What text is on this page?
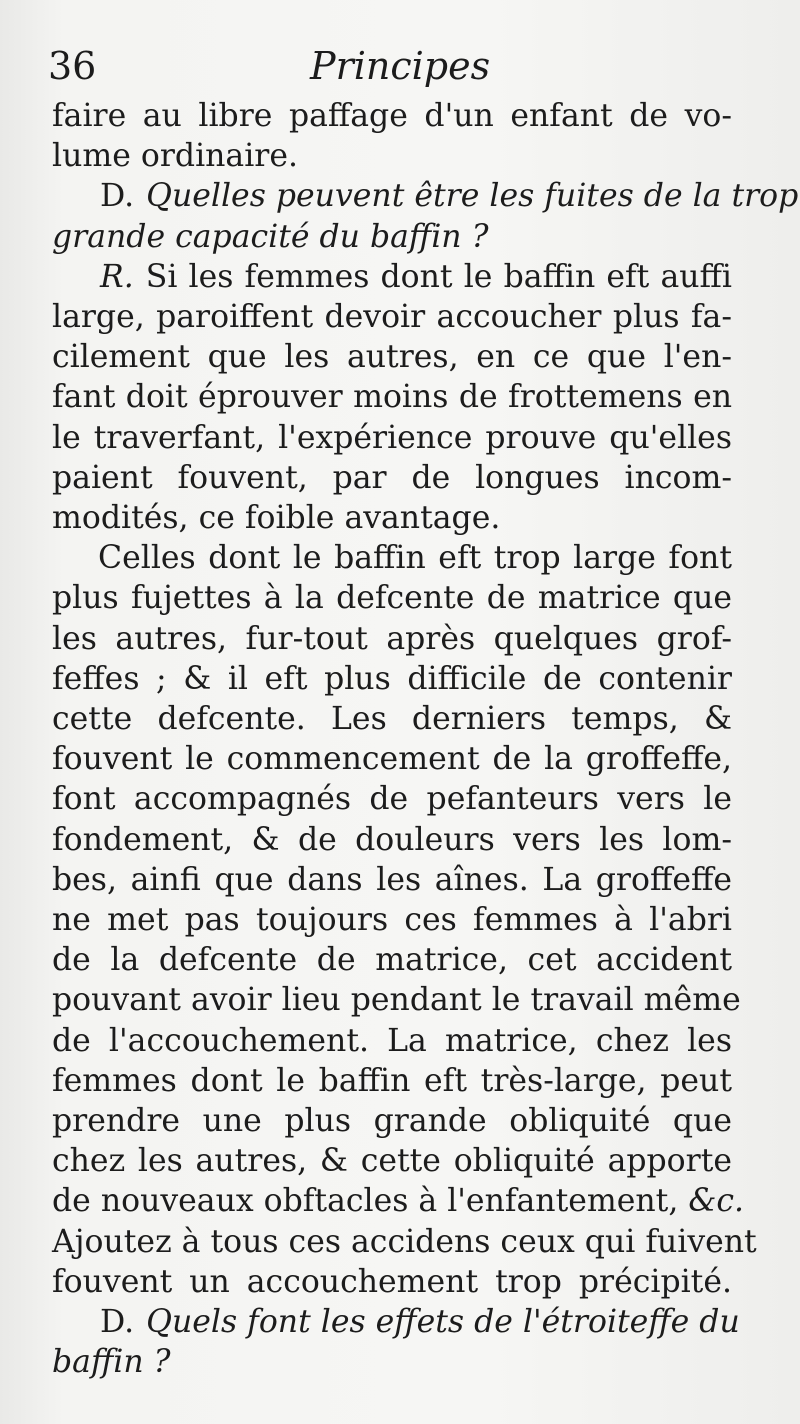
36	Principes
faire au libre paffage d'un enfant de vo-
lume ordinaire.
D. Quelles peuvent être les fuites de la trop
grande capacité du baffin ?
R. Si les femmes dont le baffin eft auffi
large, paroiffent devoir accoucher plus fa-
cilement que les autres, en ce que l'en-
fant doit éprouver moins de frottemens en
le traverfant, l'expérience prouve qu'elles
paient fouvent, par de longues incom-
modités, ce foible avantage.
Celles dont le baffin eft trop large font
plus fujettes à la defcente de matrice que
les autres, fur-tout après quelques grof-
feffes ; & il eft plus difficile de contenir
cette defcente. Les derniers temps, &
fouvent le commencement de la groffeffe,
font accompagnés de pefanteurs vers le
fondement, & de douleurs vers les lom-
bes, ainfi que dans les aînes. La groffeffe
ne met pas toujours ces femmes à l'abri
de la defcente de matrice, cet accident
pouvant avoir lieu pendant le travail même
de l'accouchement. La matrice, chez les
femmes dont le baffin eft très-large, peut
prendre une plus grande obliquité que
chez les autres, & cette obliquité apporte
de nouveaux obftacles à l'enfantement, &c.
Ajoutez à tous ces accidens ceux qui fuivent
fouvent un accouchement trop précipité.
D. Quels font les effets de l'étroiteffe du
baffin ?
